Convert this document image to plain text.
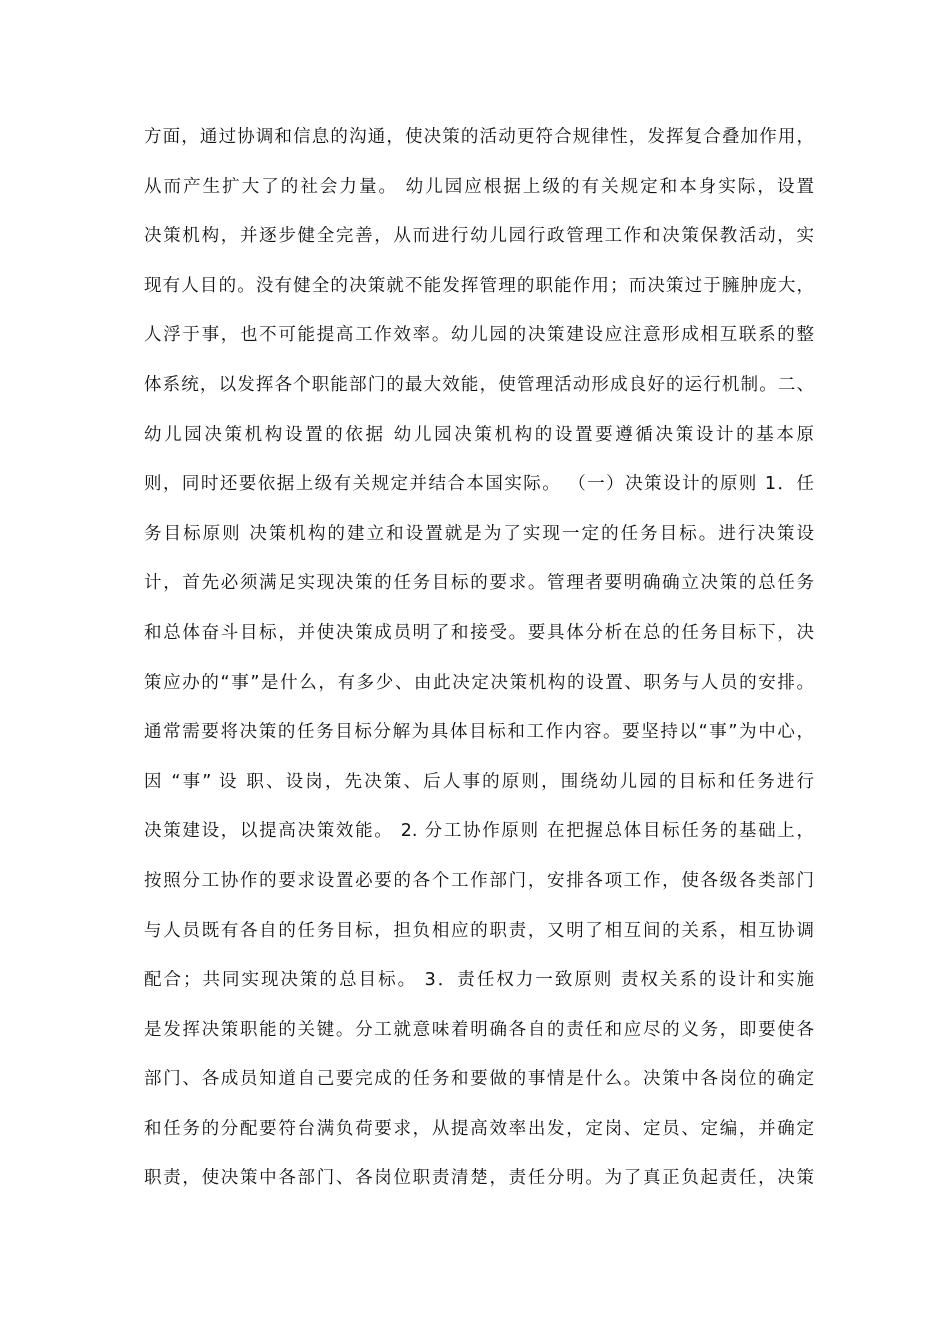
方面，通过协调和信息的沟通，使决策的活动更符合规律性，发挥复合叠加作用，
从而产生扩大了的社会力量。 幼儿园应根据上级的有关规定和本身实际，设置
决策机构，并逐步健全完善，从而进行幼儿园行政管理工作和决策保教活动，实
现有人目的。没有健全的决策就不能发挥管理的职能作用；而决策过于臃肿庞大，
人浮于事，也不可能提高工作效率。幼儿园的决策建设应注意形成相互联系的整
体系统，以发挥各个职能部门的最大效能，使管理活动形成良好的运行机制。二、
幼儿园决策机构设置的依据 幼儿园决策机构的设置要遵循决策设计的基本原
则，同时还要依据上级有关规定并结合本国实际。 （一）决策设计的原则 1．任
务目标原则 决策机构的建立和设置就是为了实现一定的任务目标。进行决策设
计，首先必须满足实现决策的任务目标的要求。管理者要明确确立决策的总任务
和总体奋斗目标，并使决策成员明了和接受。要具体分析在总的任务目标下，决
策应办的“事”是什么，有多少、由此决定决策机构的设置、职务与人员的安排。
通常需要将决策的任务目标分解为具体目标和工作内容。要坚持以“事”为中心，
因 “事” 设 职、设岗，先决策、后人事的原则，围绕幼儿园的目标和任务进行
决策建设，以提高决策效能。 2. 分工协作原则 在把握总体目标任务的基础上，
按照分工协作的要求设置必要的各个工作部门，安排各项工作，使各级各类部门
与人员既有各自的任务目标，担负相应的职责，又明了相互间的关系，相互协调
配合；共同实现决策的总目标。 3．责任权力一致原则 责权关系的设计和实施
是发挥决策职能的关键。分工就意味着明确各自的责任和应尽的义务，即要使各
部门、各成员知道自己要完成的任务和要做的事情是什么。决策中各岗位的确定
和任务的分配要符台满负荷要求，从提高效率出发，定岗、定员、定编，并确定
职责，使决策中各部门、各岗位职责清楚，责任分明。为了真正负起责任，决策
